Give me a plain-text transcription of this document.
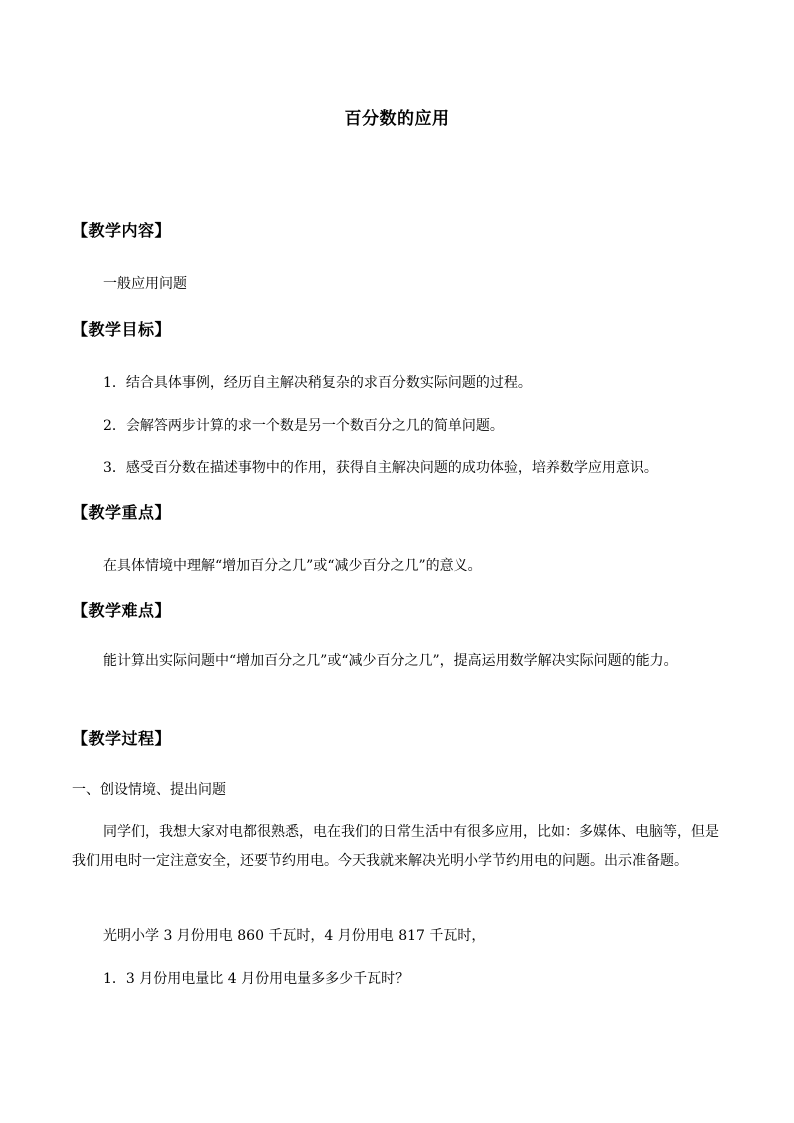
百分数的应用
【教学内容】
一般应用问题
【教学目标】
1．结合具体事例，经历自主解决稍复杂的求百分数实际问题的过程。
2．会解答两步计算的求一个数是另一个数百分之几的简单问题。
3．感受百分数在描述事物中的作用，获得自主解决问题的成功体验，培养数学应用意识。
【教学重点】
在具体情境中理解“增加百分之几”或“减少百分之几”的意义。
【教学难点】
能计算出实际问题中“增加百分之几”或“减少百分之几”，提高运用数学解决实际问题的能力。
【教学过程】
一、创设情境、提出问题
同学们，我想大家对电都很熟悉，电在我们的日常生活中有很多应用，比如：多媒体、电脑等，但是我们用电时一定注意安全，还要节约用电。今天我就来解决光明小学节约用电的问题。出示准备题。
光明小学 3 月份用电 860 千瓦时，4 月份用电 817 千瓦时，
1．3 月份用电量比 4 月份用电量多多少千瓦时？
